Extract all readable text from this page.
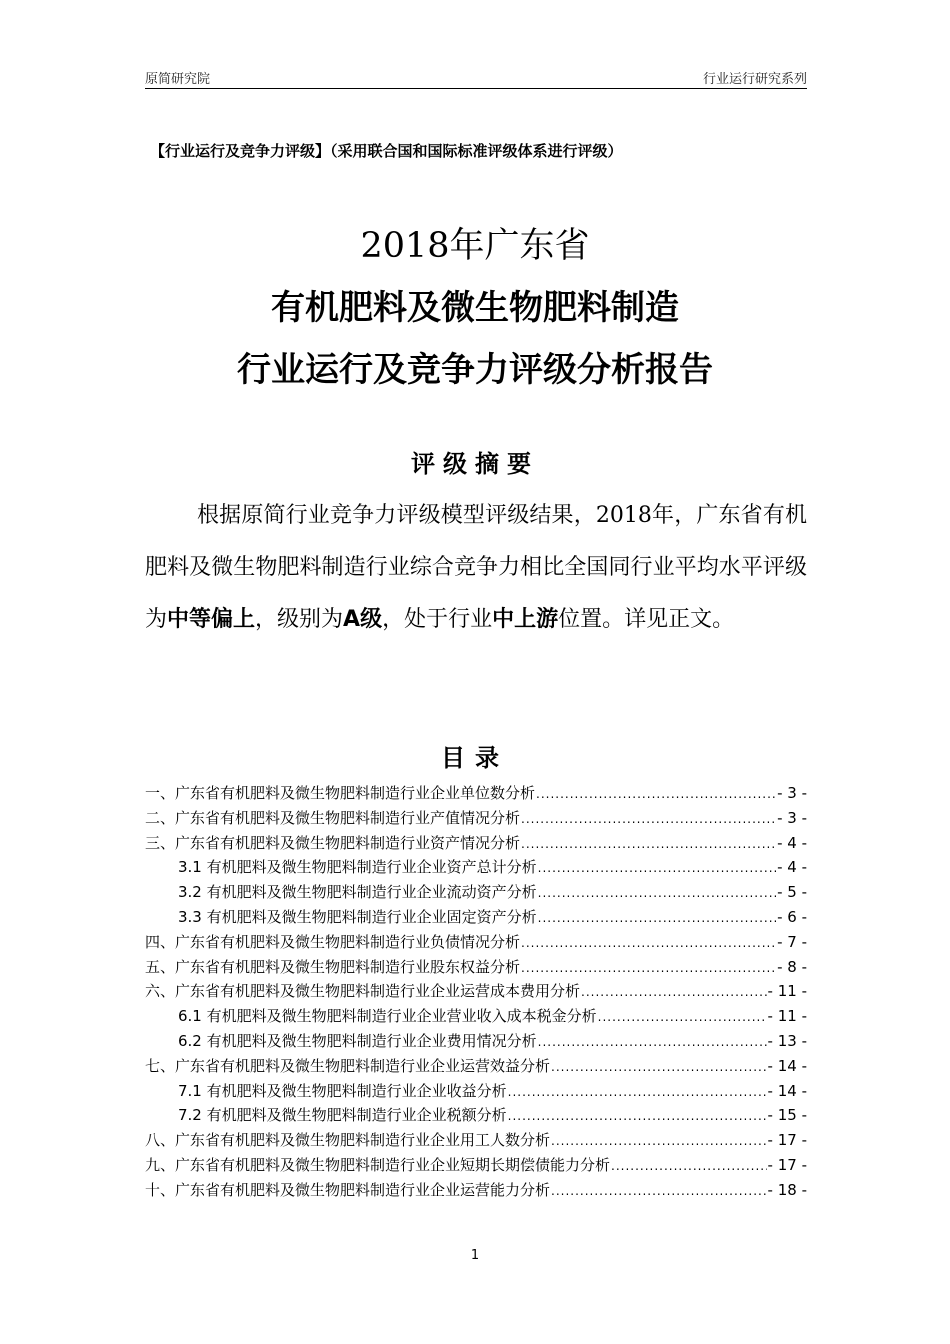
原简研究院	行业运行研究系列
【行业运行及竞争力评级】（采用联合国和国际标准评级体系进行评级）
2018年广东省
有机肥料及微生物肥料制造
行业运行及竞争力评级分析报告
评级摘要
根据原简行业竞争力评级模型评级结果，2018年，广东省有机肥料及微生物肥料制造行业综合竞争力相比全国同行业平均水平评级为中等偏上，级别为A级，处于行业中上游位置。详见正文。
目录
一、广东省有机肥料及微生物肥料制造行业企业单位数分析 .....	- 3 -
二、广东省有机肥料及微生物肥料制造行业产值情况分析 .....	- 3 -
三、广东省有机肥料及微生物肥料制造行业资产情况分析 .....	- 4 -
3.1 有机肥料及微生物肥料制造行业企业资产总计分析 .....	- 4 -
3.2 有机肥料及微生物肥料制造行业企业流动资产分析 .....	- 5 -
3.3 有机肥料及微生物肥料制造行业企业固定资产分析 .....	- 6 -
四、广东省有机肥料及微生物肥料制造行业负债情况分析 .....	- 7 -
五、广东省有机肥料及微生物肥料制造行业股东权益分析 .....	- 8 -
六、广东省有机肥料及微生物肥料制造行业企业运营成本费用分析 .....	- 11 -
6.1 有机肥料及微生物肥料制造行业企业营业收入成本税金分析 .....	- 11 -
6.2 有机肥料及微生物肥料制造行业企业费用情况分析 .....	- 13 -
七、广东省有机肥料及微生物肥料制造行业企业运营效益分析 .....	- 14 -
7.1 有机肥料及微生物肥料制造行业企业收益分析 .....	- 14 -
7.2 有机肥料及微生物肥料制造行业企业税额分析 .....	- 15 -
八、广东省有机肥料及微生物肥料制造行业企业用工人数分析 .....	- 17 -
九、广东省有机肥料及微生物肥料制造行业企业短期长期偿债能力分析 .....	- 17 -
十、广东省有机肥料及微生物肥料制造行业企业运营能力分析 .....	- 18 -
1
